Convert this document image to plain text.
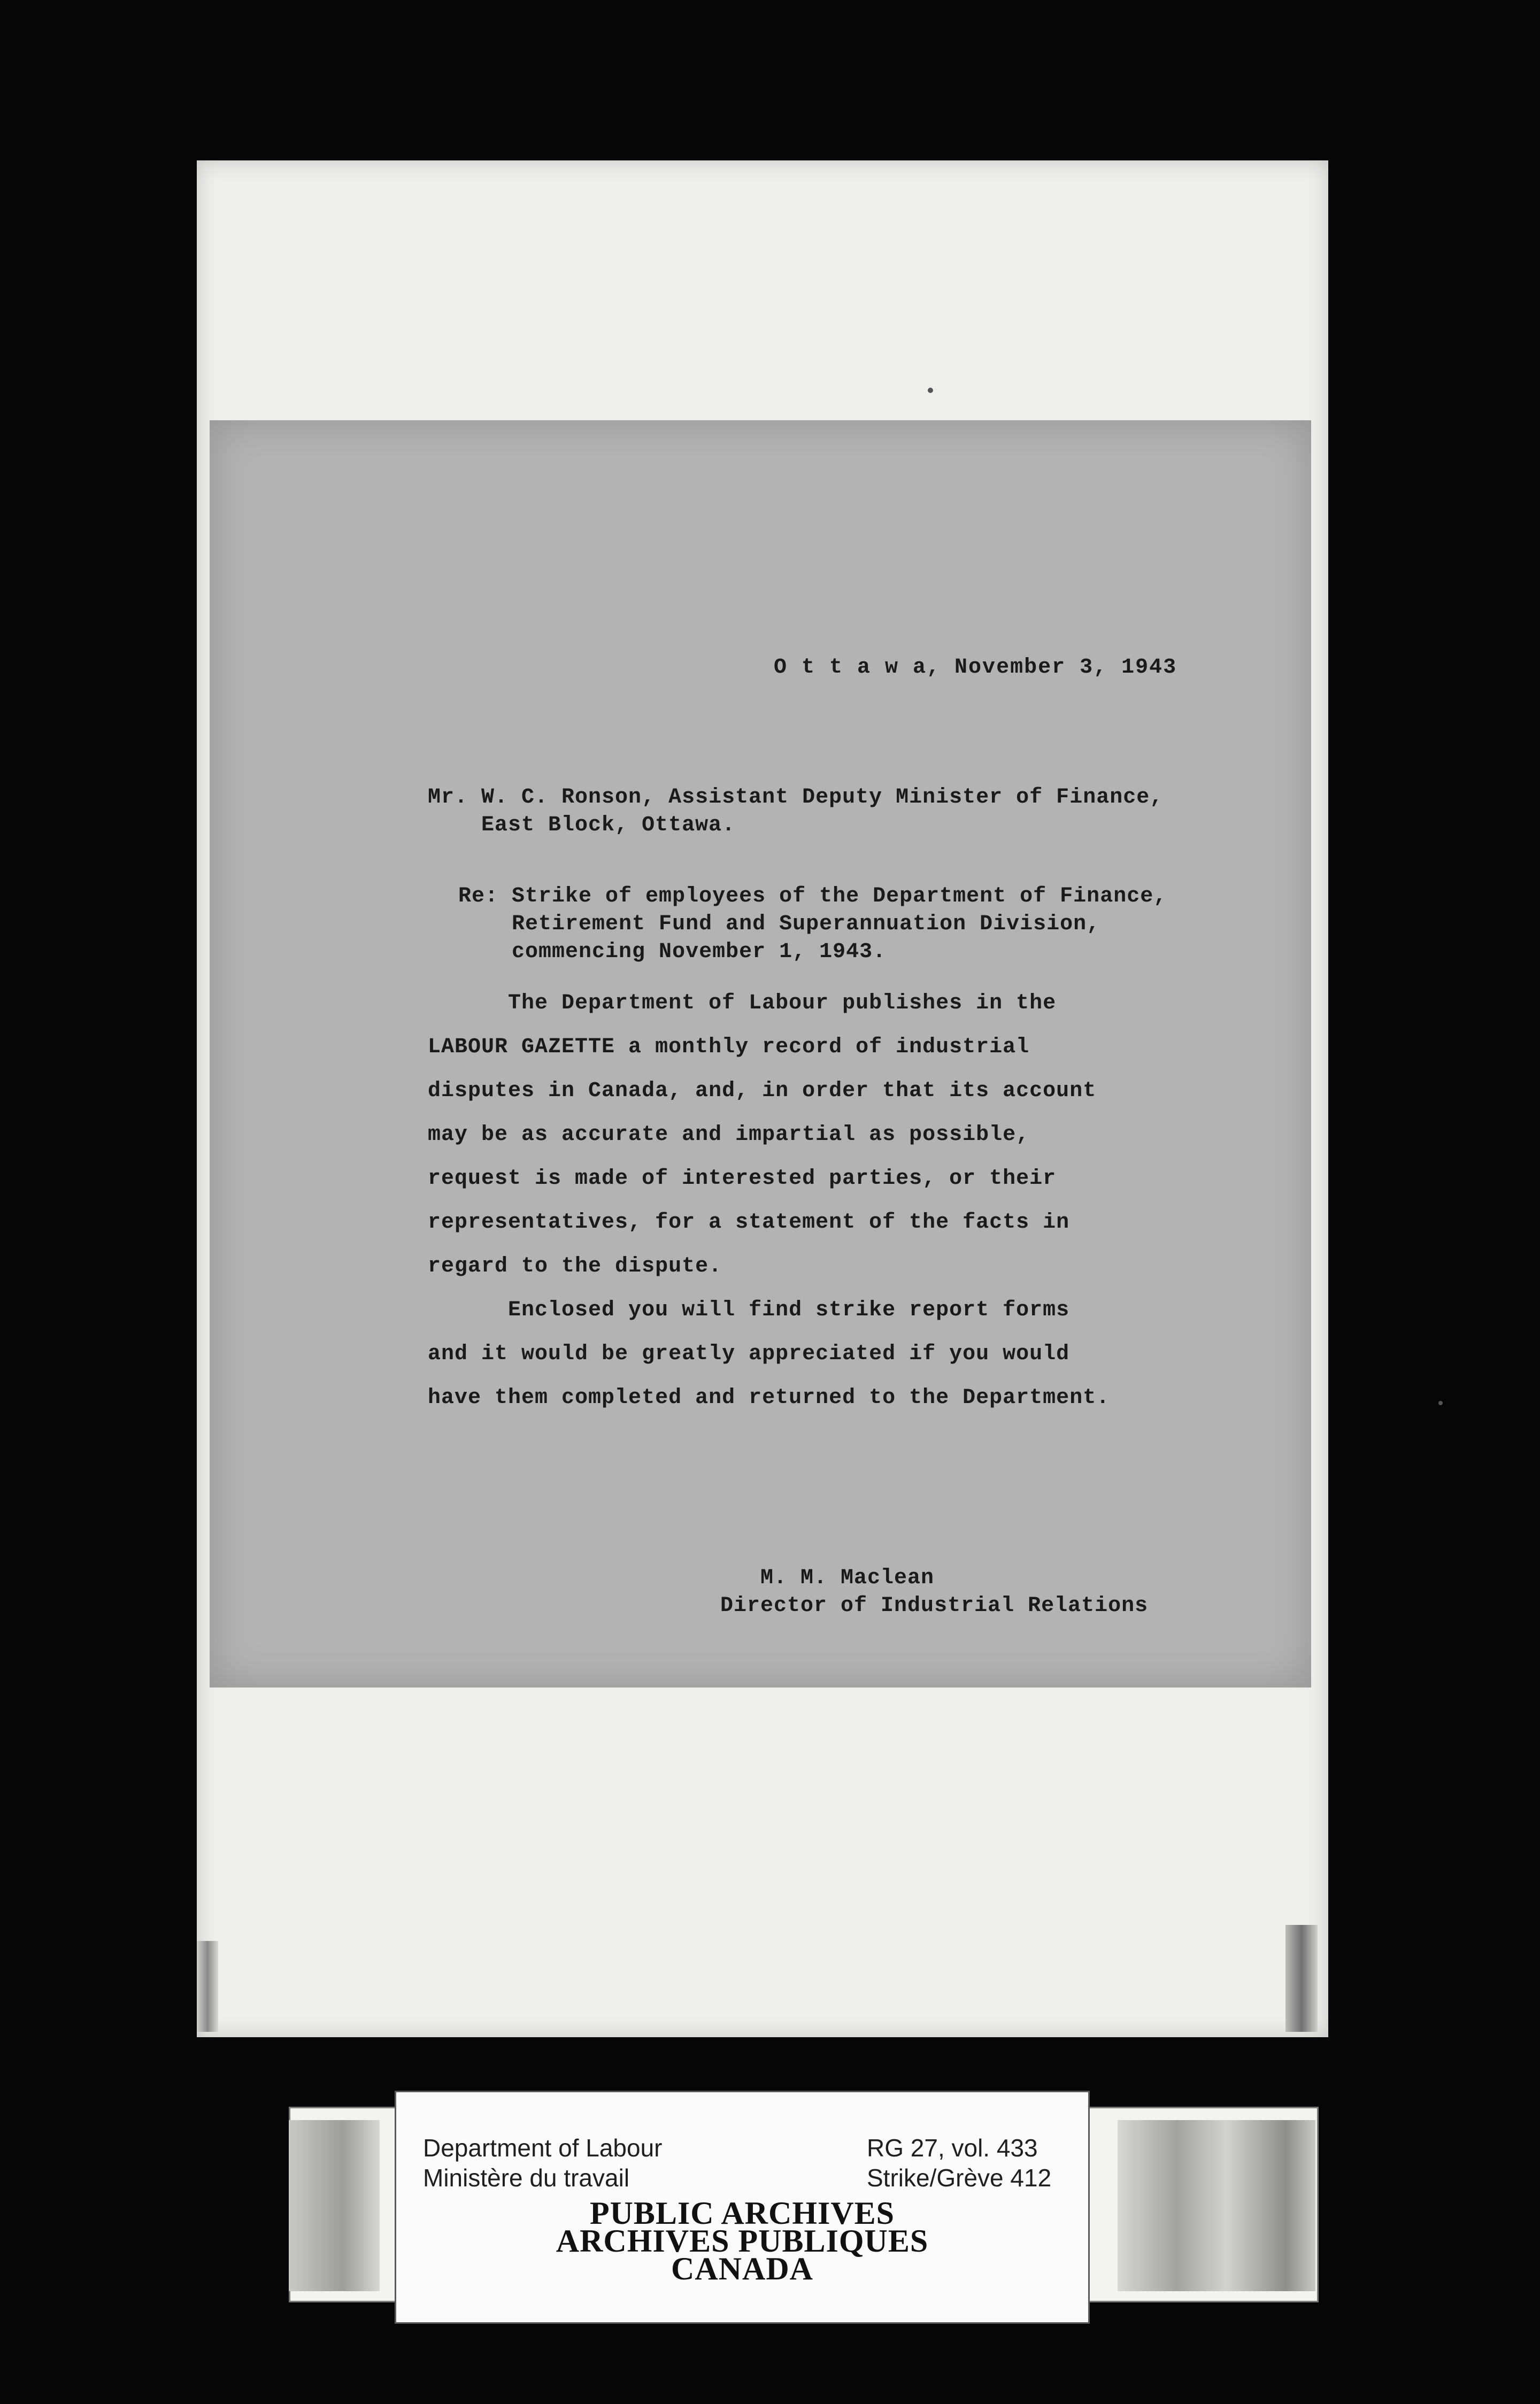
O t t a w a, November 3, 1943
Mr. W. C. Ronson, Assistant Deputy Minister of Finance,
East Block, Ottawa.
Re: Strike of employees of the Department of Finance,
Retirement Fund and Superannuation Division,
commencing November 1, 1943.
The Department of Labour publishes in the
LABOUR GAZETTE a monthly record of industrial
disputes in Canada, and, in order that its account
may be as accurate and impartial as possible,
request is made of interested parties, or their
representatives, for a statement of the facts in
regard to the dispute.
Enclosed you will find strike report forms
and it would be greatly appreciated if you would
have them completed and returned to the Department.
M. M. Maclean
Director of Industrial Relations
Department of Labour
Ministère du travail
RG 27, vol. 433
Strike/Grève 412
PUBLIC ARCHIVES
ARCHIVES PUBLIQUES
CANADA
